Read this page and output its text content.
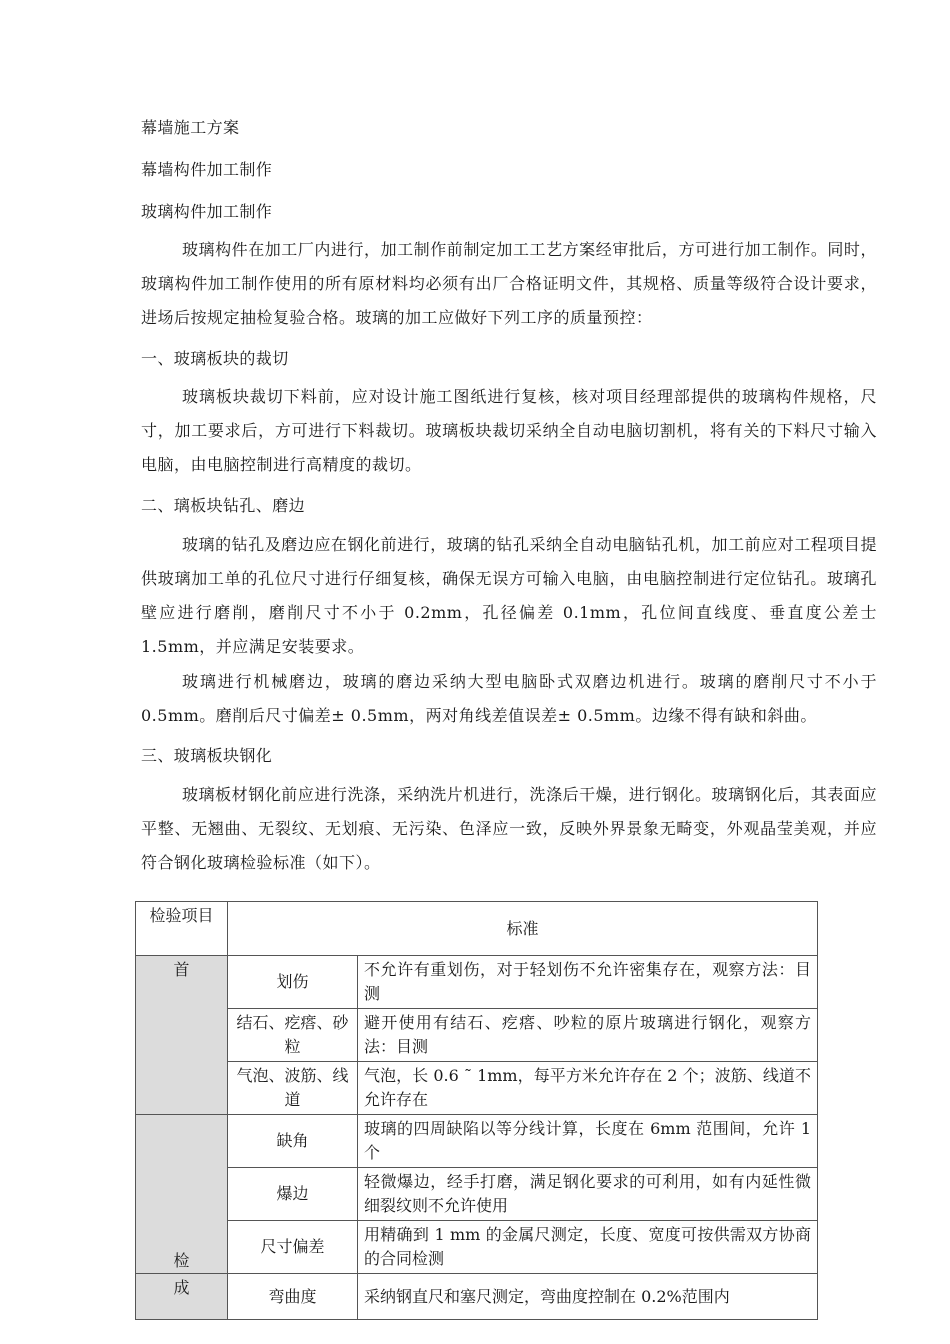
幕墙施工方案
幕墙构件加工制作
玻璃构件加工制作
玻璃构件在加工厂内进行，加工制作前制定加工工艺方案经审批后，方可进行加工制作。同时，玻璃构件加工制作使用的所有原材料均必须有出厂合格证明文件，其规格、质量等级符合设计要求，进场后按规定抽检复验合格。玻璃的加工应做好下列工序的质量预控：
一、玻璃板块的裁切
玻璃板块裁切下料前，应对设计施工图纸进行复核，核对项目经理部提供的玻璃构件规格，尺寸，加工要求后，方可进行下料裁切。玻璃板块裁切采纳全自动电脑切割机，将有关的下料尺寸输入电脑，由电脑控制进行高精度的裁切。
二、璃板块钻孔、磨边
玻璃的钻孔及磨边应在钢化前进行，玻璃的钻孔采纳全自动电脑钻孔机，加工前应对工程项目提供玻璃加工单的孔位尺寸进行仔细复核，确保无误方可输入电脑，由电脑控制进行定位钻孔。玻璃孔壁应进行磨削，磨削尺寸不小于 0.2mm，孔径偏差 0.1mm，孔位间直线度、垂直度公差士 1.5mm，并应满足安装要求。
玻璃进行机械磨边，玻璃的磨边采纳大型电脑卧式双磨边机进行。玻璃的磨削尺寸不小于 0.5mm。磨削后尺寸偏差± 0.5mm，两对角线差值误差± 0.5mm。边缘不得有缺和斜曲。
三、玻璃板块钢化
玻璃板材钢化前应进行洗涤，采纳洗片机进行，洗涤后干燥，进行钢化。玻璃钢化后，其表面应平整、无翘曲、无裂纹、无划痕、无污染、色泽应一致，反映外界景象无畸变，外观晶莹美观，并应符合钢化玻璃检验标准（如下）。
检验项目	标准	
首	划伤	不允许有重划伤，对于轻划伤不允许密集存在，观察方法：目测
	结石、疙瘩、砂粒	避开使用有结石、疙瘩、吵粒的原片玻璃进行钢化，观察方法：目测
	气泡、波筋、线道	气泡，长 0.6 ˜ 1mm，每平方米允许存在 2 个；波筋、线道不允许存在
检	缺角	玻璃的四周缺陷以等分线计算，长度在 6mm 范围间，允许 1 个
	爆边	轻微爆边，经手打磨，满足钢化要求的可利用，如有内延性微细裂纹则不允许使用
	尺寸偏差	用精确到 1 mm 的金属尺测定，长度、宽度可按供需双方协商的合同检测
成	弯曲度	采纳钢直尺和塞尺测定，弯曲度控制在 0.2%范围内
